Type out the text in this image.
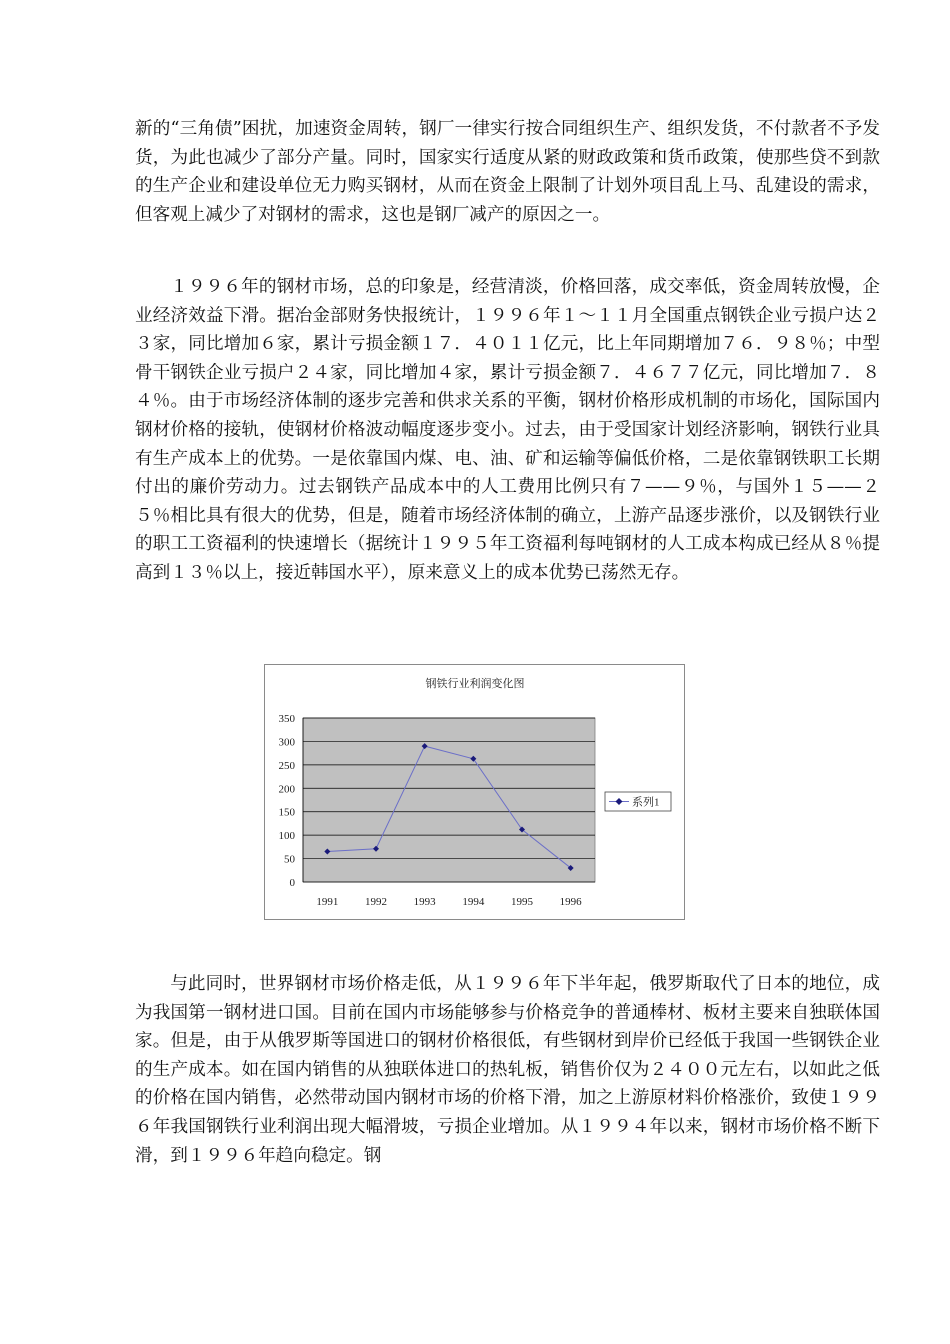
新的“三角债”困扰，加速资金周转，钢厂一律实行按合同组织生产、组织发货，不付款者不予发货，为此也减少了部分产量。同时，国家实行适度从紧的财政政策和货币政策，使那些贷不到款的生产企业和建设单位无力购买钢材，从而在资金上限制了计划外项目乱上马、乱建设的需求，但客观上减少了对钢材的需求，这也是钢厂减产的原因之一。

１９９６年的钢材市场，总的印象是，经营清淡，价格回落，成交率低，资金周转放慢，企业经济效益下滑。据冶金部财务快报统计，１９９６年１～１１月全国重点钢铁企业亏损户达２３家，同比增加６家，累计亏损金额１７．４０１１亿元，比上年同期增加７６．９８％；中型骨干钢铁企业亏损户２４家，同比增加４家，累计亏损金额７．４６７７亿元，同比增加７．８４％。由于市场经济体制的逐步完善和供求关系的平衡，钢材价格形成机制的市场化，国际国内钢材价格的接轨，使钢材价格波动幅度逐步变小。过去，由于受国家计划经济影响，钢铁行业具有生产成本上的优势。一是依靠国内煤、电、油、矿和运输等偏低价格，二是依靠钢铁职工长期付出的廉价劳动力。过去钢铁产品成本中的人工费用比例只有７——９％，与国外１５——２５％相比具有很大的优势，但是，随着市场经济体制的确立，上游产品逐步涨价，以及钢铁行业的职工工资福利的快速增长（据统计１９９５年工资福利每吨钢材的人工成本构成已经从８％提高到１３％以上，接近韩国水平），原来意义上的成本优势已荡然无存。

钢铁行业利润变化图
0
50
100
150
200
250
300
350
1991 1992 1993 1994 1995 1996
系列1

与此同时，世界钢材市场价格走低，从１９９６年下半年起，俄罗斯取代了日本的地位，成为我国第一钢材进口国。目前在国内市场能够参与价格竞争的普通棒材、板材主要来自独联体国家。但是，由于从俄罗斯等国进口的钢材价格很低，有些钢材到岸价已经低于我国一些钢铁企业的生产成本。如在国内销售的从独联体进口的热轧板，销售价仅为２４００元左右，以如此之低的价格在国内销售，必然带动国内钢材市场的价格下滑，加之上游原材料价格涨价，致使１９９６年我国钢铁行业利润出现大幅滑坡，亏损企业增加。从１９９４年以来，钢材市场价格不断下滑，到１９９６年趋向稳定。钢
